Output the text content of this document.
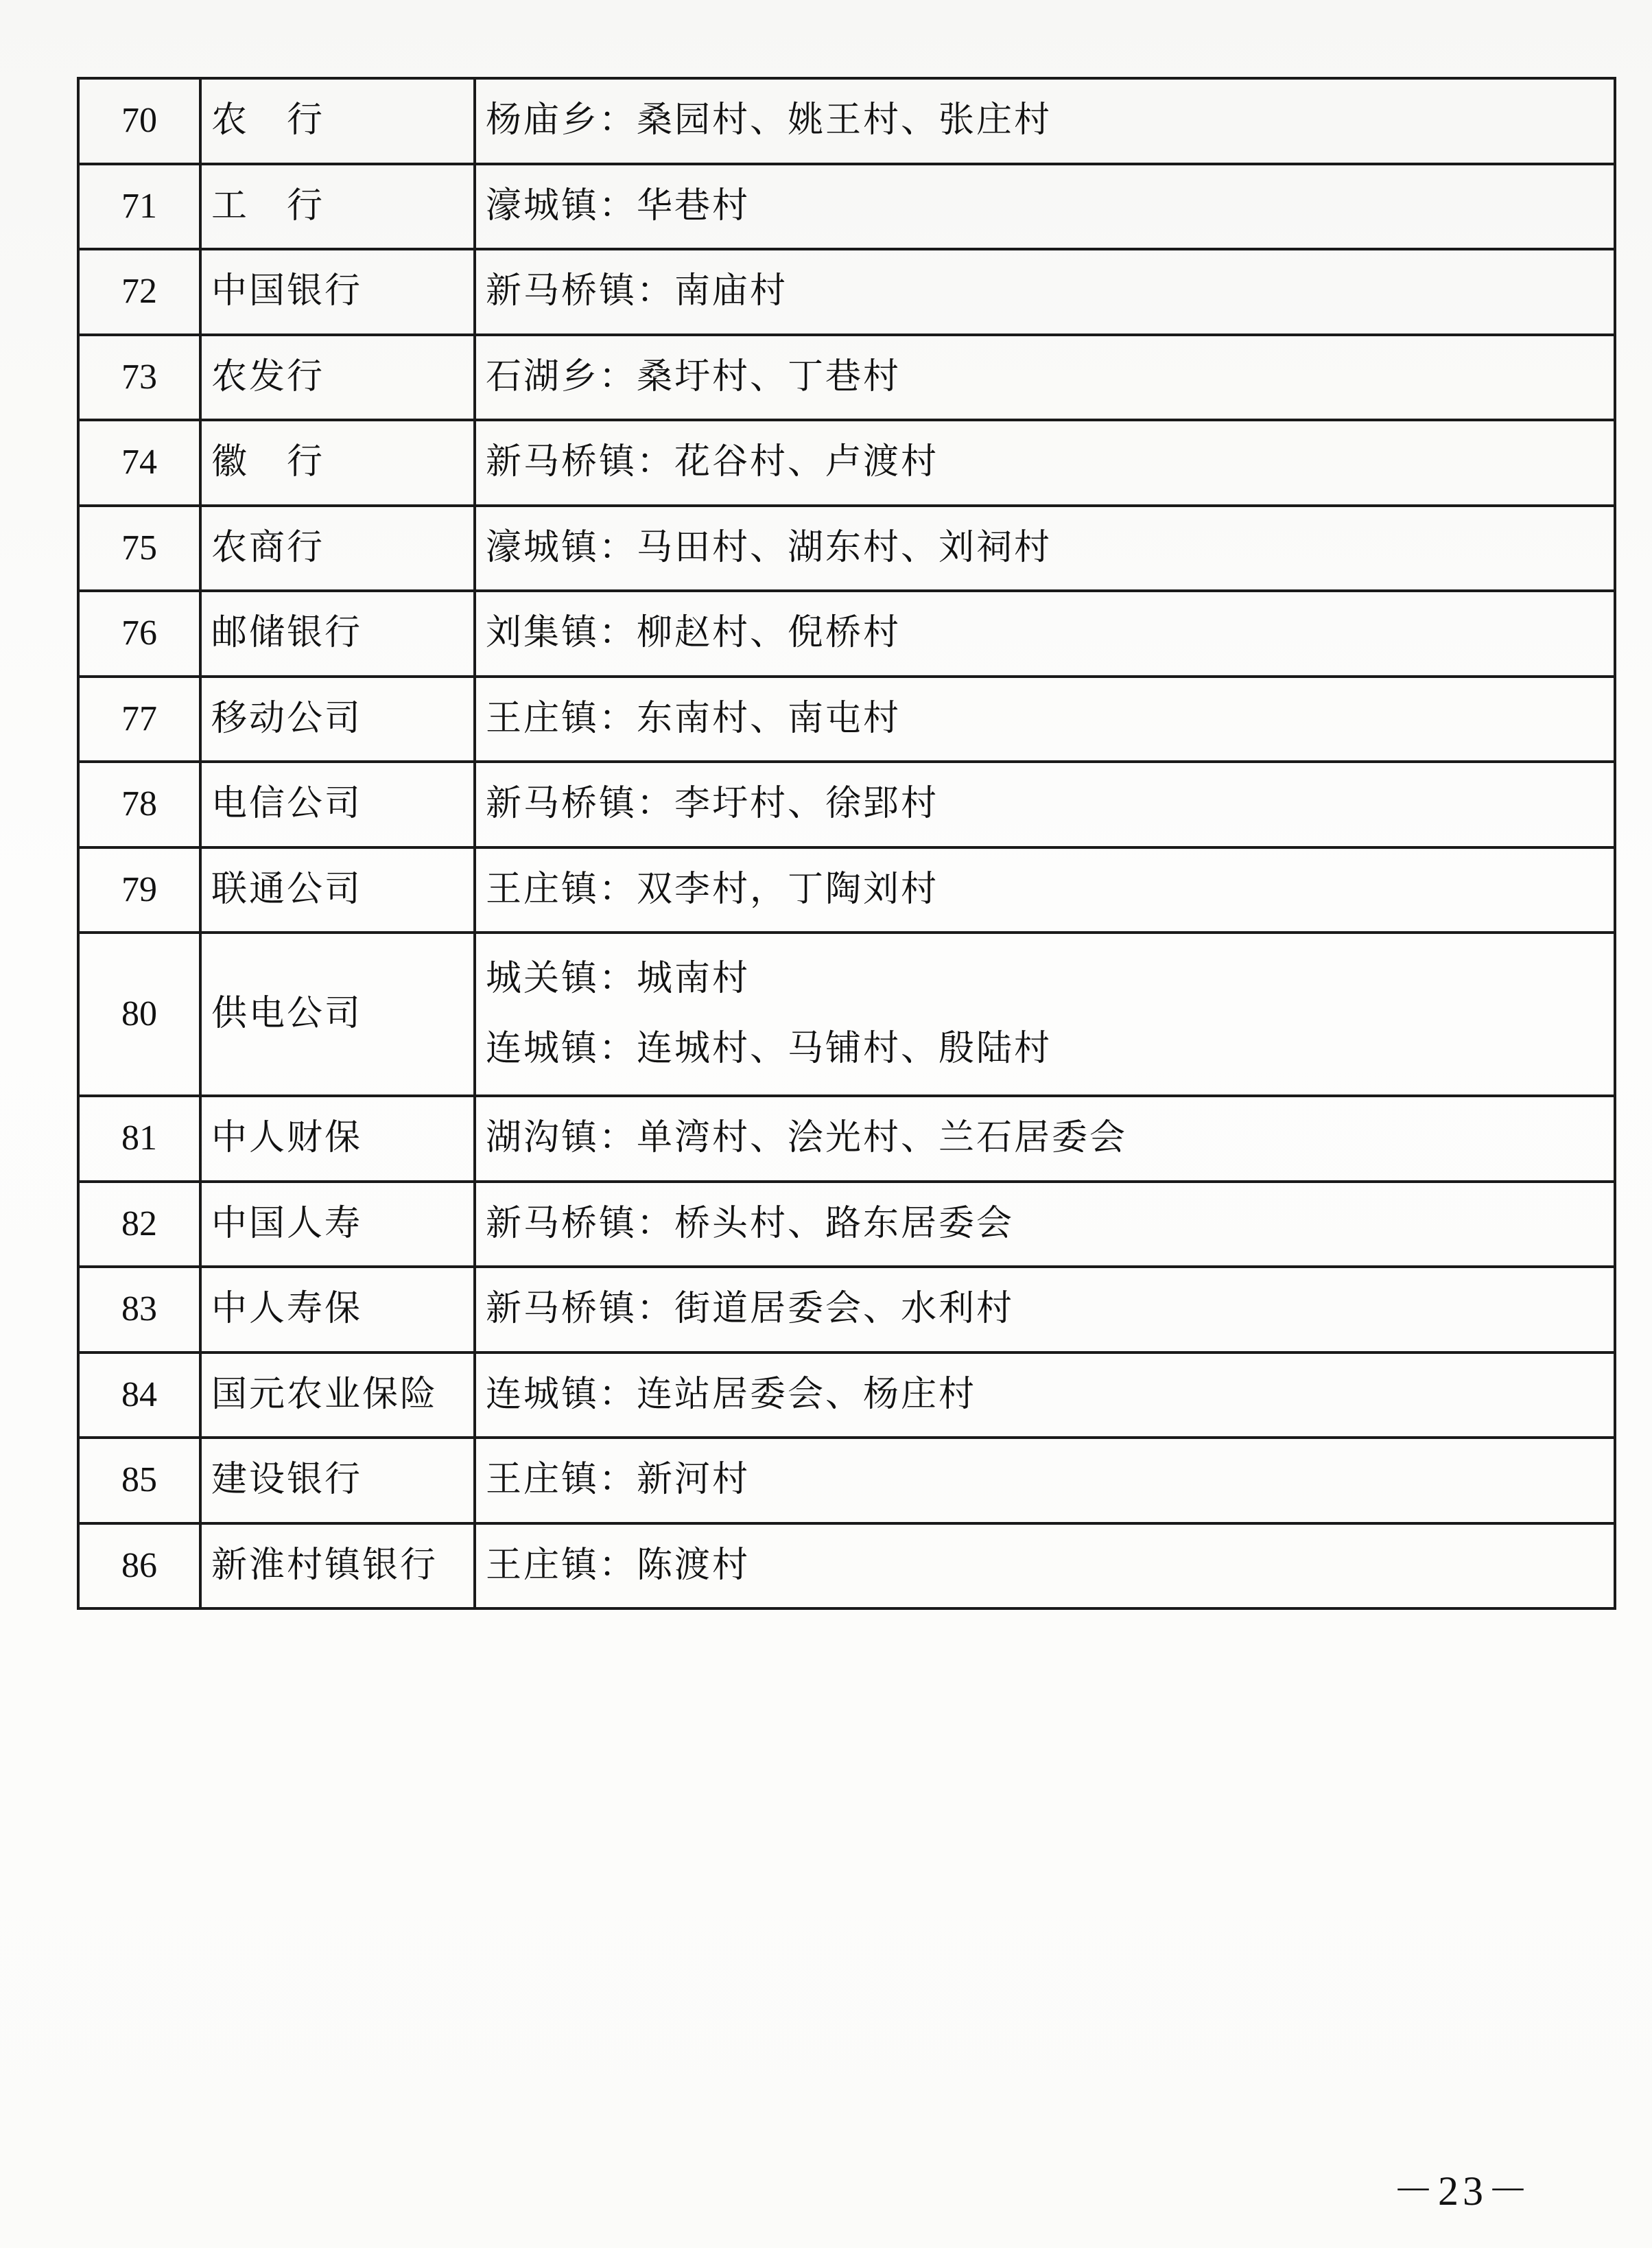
70	农　行	杨庙乡：桑园村、姚王村、张庄村

71	工　行	濠城镇：华巷村

72	中国银行	新马桥镇：南庙村

73	农发行	石湖乡：桑圩村、丁巷村

74	徽　行	新马桥镇：花谷村、卢渡村

75	农商行	濠城镇：马田村、湖东村、刘祠村

76	邮储银行	刘集镇：柳赵村、倪桥村

77	移动公司	王庄镇：东南村、南屯村

78	电信公司	新马桥镇：李圩村、徐郢村

79	联通公司	王庄镇：双李村，丁陶刘村

80	供电公司	城关镇：城南村
连城镇：连城村、马铺村、殷陆村

81	中人财保	湖沟镇：单湾村、浍光村、兰石居委会

82	中国人寿	新马桥镇：桥头村、路东居委会

83	中人寿保	新马桥镇：街道居委会、水利村

84	国元农业保险	连城镇：连站居委会、杨庄村

85	建设银行	王庄镇：新河村

86	新淮村镇银行	王庄镇：陈渡村
－23－
